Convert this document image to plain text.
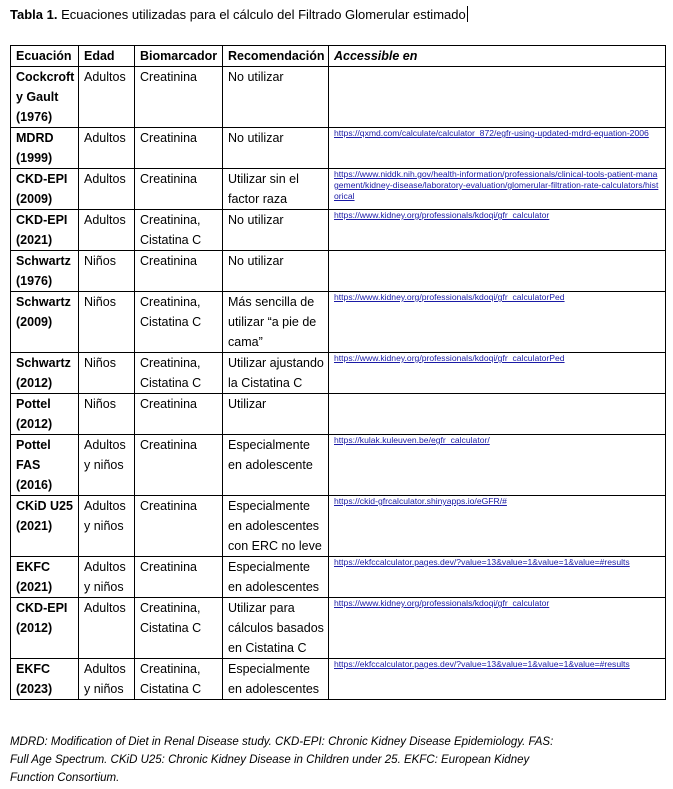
Tabla 1. Ecuaciones utilizadas para el cálculo del Filtrado Glomerular estimado
Ecuación	Edad	Biomarcador	Recomendación	Accessible en
Cockcroft y Gault (1976)	Adultos	Creatinina	No utilizar	
MDRD (1999)	Adultos	Creatinina	No utilizar	https://qxmd.com/calculate/calculator_872/egfr-using-updated-mdrd-equation-2006

CKD-EPI (2009)	Adultos	Creatinina	Utilizar sin el factor raza	https://www.niddk.nih.gov/health-information/professionals/clinical-tools-patient-management/kidney-disease/laboratory-evaluation/glomerular-filtration-rate-calculators/historical

CKD-EPI (2021)	Adultos	Creatinina, Cistatina C	No utilizar	https://www.kidney.org/professionals/kdoqi/gfr_calculator

Schwartz (1976)	Niños	Creatinina	No utilizar	
Schwartz (2009)	Niños	Creatinina, Cistatina C	Más sencilla de utilizar “a pie de cama”	https://www.kidney.org/professionals/kdoqi/gfr_calculatorPed

Schwartz (2012)	Niños	Creatinina, Cistatina C	Utilizar ajustando la Cistatina C	https://www.kidney.org/professionals/kdoqi/gfr_calculatorPed

Pottel (2012)	Niños	Creatinina	Utilizar	
Pottel FAS (2016)	Adultos y niños	Creatinina	Especialmente en adolescente	https://kulak.kuleuven.be/egfr_calculator/

CKiD U25 (2021)	Adultos y niños	Creatinina	Especialmente en adolescentes con ERC no leve	https://ckid-gfrcalculator.shinyapps.io/eGFR/#

EKFC (2021)	Adultos y niños	Creatinina	Especialmente en adolescentes	https://ekfccalculator.pages.dev/?value=13&value=1&value=1&value=#results

CKD-EPI (2012)	Adultos	Creatinina, Cistatina C	Utilizar para cálculos basados en Cistatina C	https://www.kidney.org/professionals/kdoqi/gfr_calculator

EKFC (2023)	Adultos y niños	Creatinina, Cistatina C	Especialmente en adolescentes	https://ekfccalculator.pages.dev/?value=13&value=1&value=1&value=#results
MDRD: Modification of Diet in Renal Disease study. CKD-EPI: Chronic Kidney Disease Epidemiology. FAS: Full Age Spectrum. CKiD U25: Chronic Kidney Disease in Children under 25. EKFC: European Kidney Function Consortium.
